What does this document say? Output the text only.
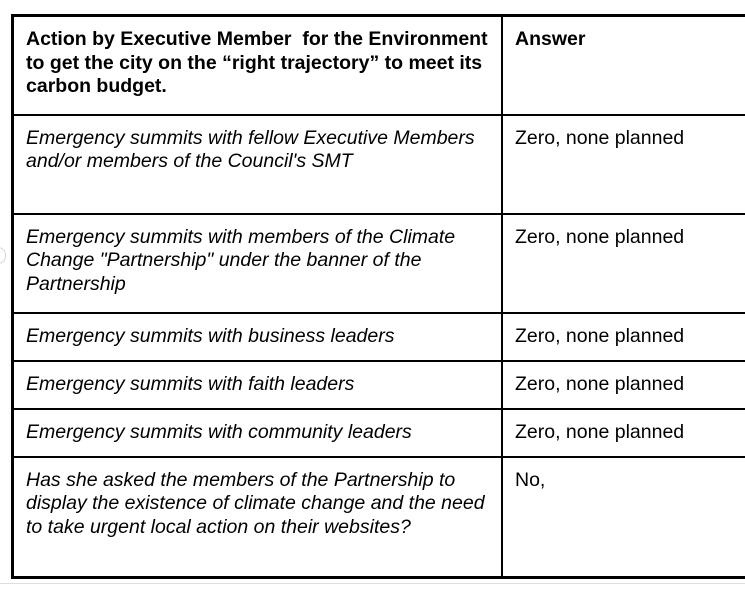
Action by Executive Member  for the Environment to get the city on the “right trajectory” to meet its carbon budget.	Answer
Emergency summits with fellow Executive Members and/or members of the Council's SMT	Zero, none planned
Emergency summits with members of the Climate Change "Partnership" under the banner of the Partnership	Zero, none planned

Emergency summits with business leaders	Zero, none planned
Emergency summits with faith leaders	Zero, none planned
Emergency summits with community leaders	Zero, none planned
Has she asked the members of the Partnership to display the existence of climate change and the need to take urgent local action on their websites?	No,
